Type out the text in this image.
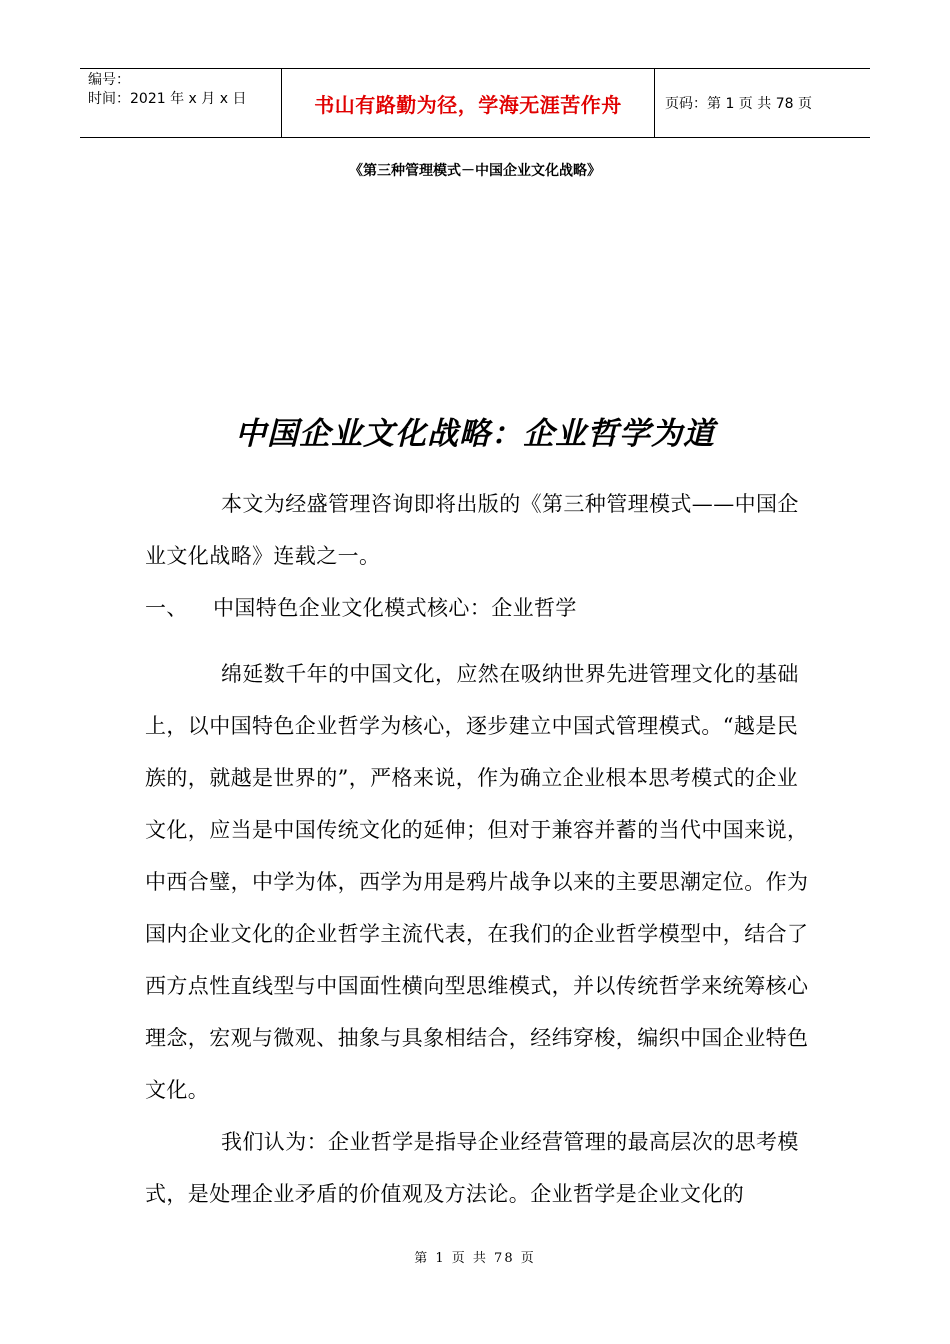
编号：
时间：2021 年 x 月 x 日	书山有路勤为径，学海无涯苦作舟	页码：第 1 页 共 78 页
《第三种管理模式－中国企业文化战略》
中国企业文化战略：企业哲学为道

本文为经盛管理咨询即将出版的《第三种管理模式——中国企业文化战略》连载之一。

一、	中国特色企业文化模式核心：企业哲学

绵延数千年的中国文化，应然在吸纳世界先进管理文化的基础上，以中国特色企业哲学为核心，逐步建立中国式管理模式。“越是民族的，就越是世界的”，严格来说，作为确立企业根本思考模式的企业文化，应当是中国传统文化的延伸；但对于兼容并蓄的当代中国来说，中西合璧，中学为体，西学为用是鸦片战争以来的主要思潮定位。作为国内企业文化的企业哲学主流代表，在我们的企业哲学模型中，结合了西方点性直线型与中国面性横向型思维模式，并以传统哲学来统筹核心理念，宏观与微观、抽象与具象相结合，经纬穿梭，编织中国企业特色文化。

我们认为：企业哲学是指导企业经营管理的最高层次的思考模式，是处理企业矛盾的价值观及方法论。企业哲学是企业文化的

第 1 页 共 78 页
